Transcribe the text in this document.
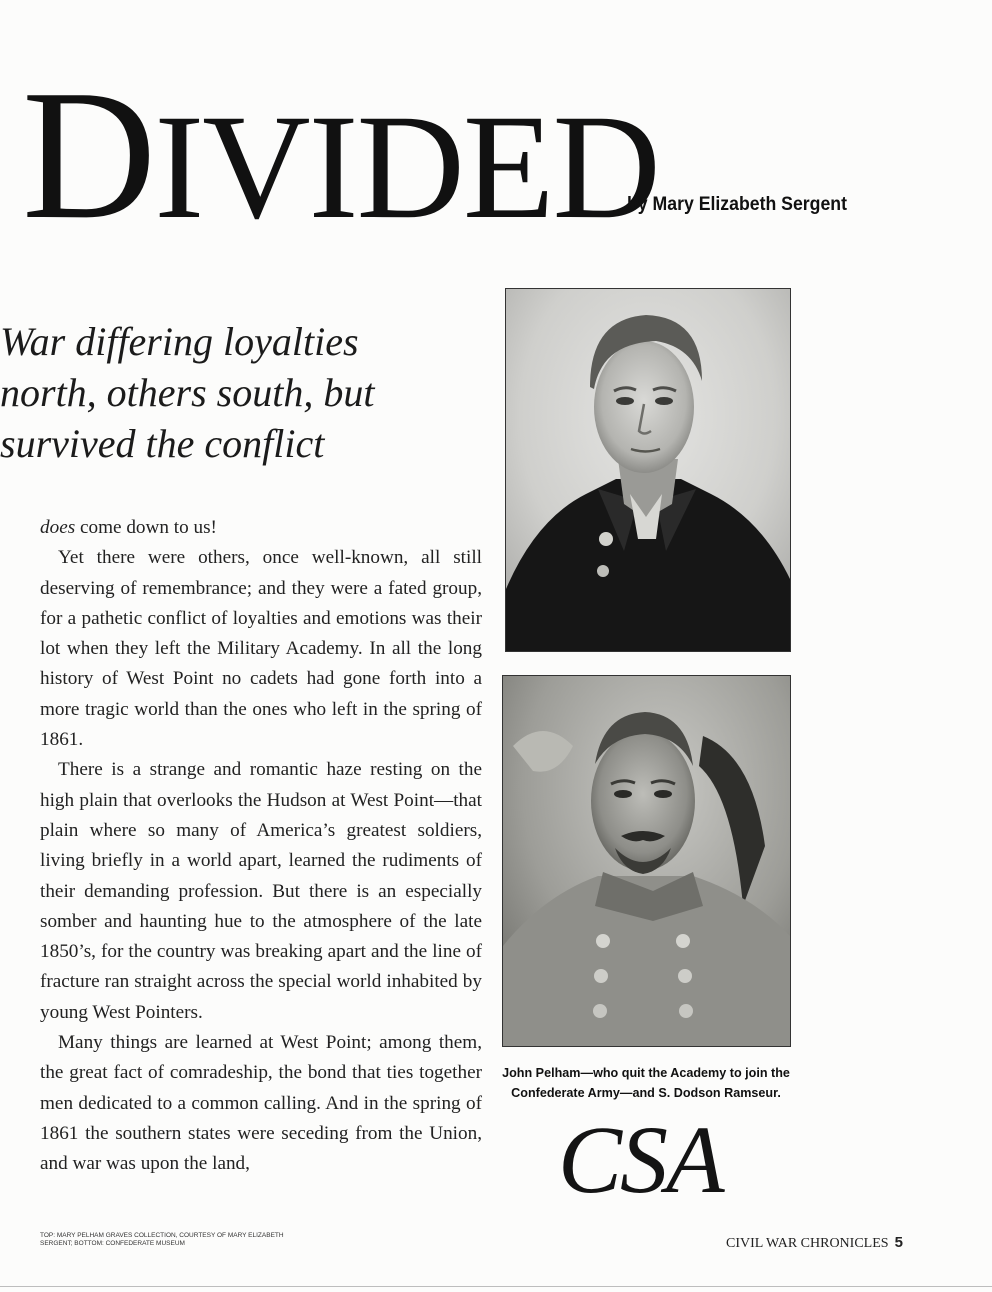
DIVIDED
by Mary Elizabeth Sergent
War differing loyalties
north, others south, but
survived the conflict

does come down to us!

Yet there were others, once well-known, all still deserving of remembrance; and they were a fated group, for a pathetic conflict of loyalties and emotions was their lot when they left the Military Academy. In all the long history of West Point no cadets had gone forth into a more tragic world than the ones who left in the spring of 1861.

There is a strange and romantic haze resting on the high plain that overlooks the Hudson at West Point—that plain where so many of America’s greatest soldiers, living briefly in a world apart, learned the rudiments of their demanding profession. But there is an especially somber and haunting hue to the atmosphere of the late 1850’s, for the country was breaking apart and the line of fracture ran straight across the special world inhabited by young West Pointers.

Many things are learned at West Point; among them, the great fact of comradeship, the bond that ties together men dedicated to a common calling. And in the spring of 1861 the southern states were seceding from the Union, and war was upon the land,

John Pelham—who quit the Academy to join the Confederate Army—and S. Dodson Ramseur.
CSA
TOP: MARY PELHAM GRAVES COLLECTION, COURTESY OF MARY ELIZABETH SERGENT; BOTTOM: CONFEDERATE MUSEUM	CIVIL WAR CHRONICLES 5
